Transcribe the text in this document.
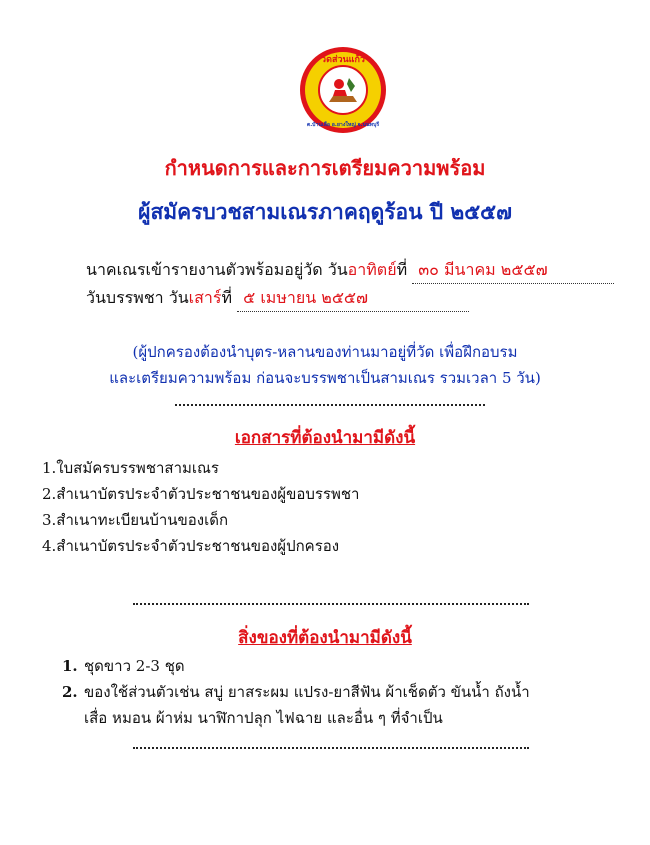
วัดส่วนแก้ว
ต.บ้านเลือ อ.ยางใหญ่ จ.นนทบุรี
กำหนดการและการเตรียมความพร้อม
ผู้สมัครบวชสามเณรภาคฤดูร้อน ปี ๒๕๕๗
นาคเณรเข้ารายงานตัวพร้อมอยู่วัด วันอาทิตย์ที่ ๓๐ มีนาคม ๒๕๕๗
วันบรรพชา วันเสาร์ที่ ๕ เมษายน ๒๕๕๗
(ผู้ปกครองต้องนำบุตร-หลานของท่านมาอยู่ที่วัด เพื่อฝึกอบรม
และเตรียมความพร้อม ก่อนจะบรรพชาเป็นสามเณร รวมเวลา 5 วัน)
เอกสารที่ต้องนำมามีดังนี้
1.ใบสมัครบรรพชาสามเณร
2.สำเนาบัตรประจำตัวประชาชนของผู้ขอบรรพชา
3.สำเนาทะเบียนบ้านของเด็ก
4.สำเนาบัตรประจำตัวประชาชนของผู้ปกครอง
สิ่งของที่ต้องนำมามีดังนี้
1. ชุดขาว 2-3 ชุด
2. ของใช้ส่วนตัวเช่น สบู่ ยาสระผม แปรง-ยาสีฟัน ผ้าเช็ดตัว ขันน้ำ ถังน้ำ
เสื่อ หมอน ผ้าห่ม นาฬิกาปลุก ไฟฉาย และอื่น ๆ ที่จำเป็น
